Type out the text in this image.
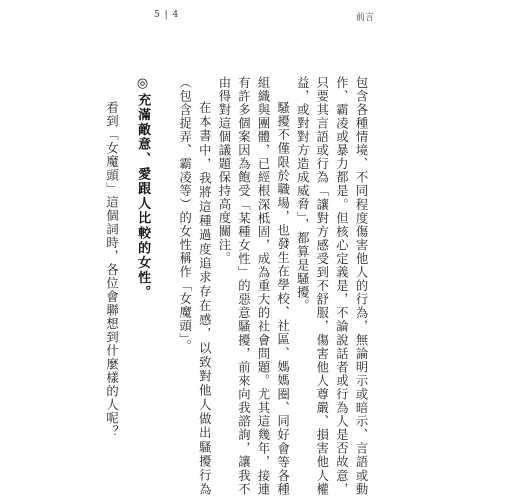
5 | 4	前言

包含各種情境、不同程度傷害他人的行為，無論明示或暗示、言語或動作、霸凌或暴力都是。但核心定義是，不論說話者或行為人是否故意，只要其言語或行為「讓對方感受到不舒服，傷害他人尊嚴、損害他人權益，或對對方造成威脅」，都算是騷擾。

騷擾不僅限於職場，也發生在學校、社區、媽媽圈、同好會等各種組織與團體，已經根深柢固，成為重大的社會問題。尤其這幾年，接連有許多個案因為飽受「某種女性」的惡意騷擾，前來向我諮詢，讓我不由得對這個議題保持高度關注。

在本書中，我將這種過度追求存在感，以致對他人做出騷擾行為（包含捉弄、霸凌等）的女性稱作「女魔頭」。

◎充滿敵意、愛跟人比較的女性。

看到「女魔頭」這個詞時，各位會聯想到什麼樣的人呢？
